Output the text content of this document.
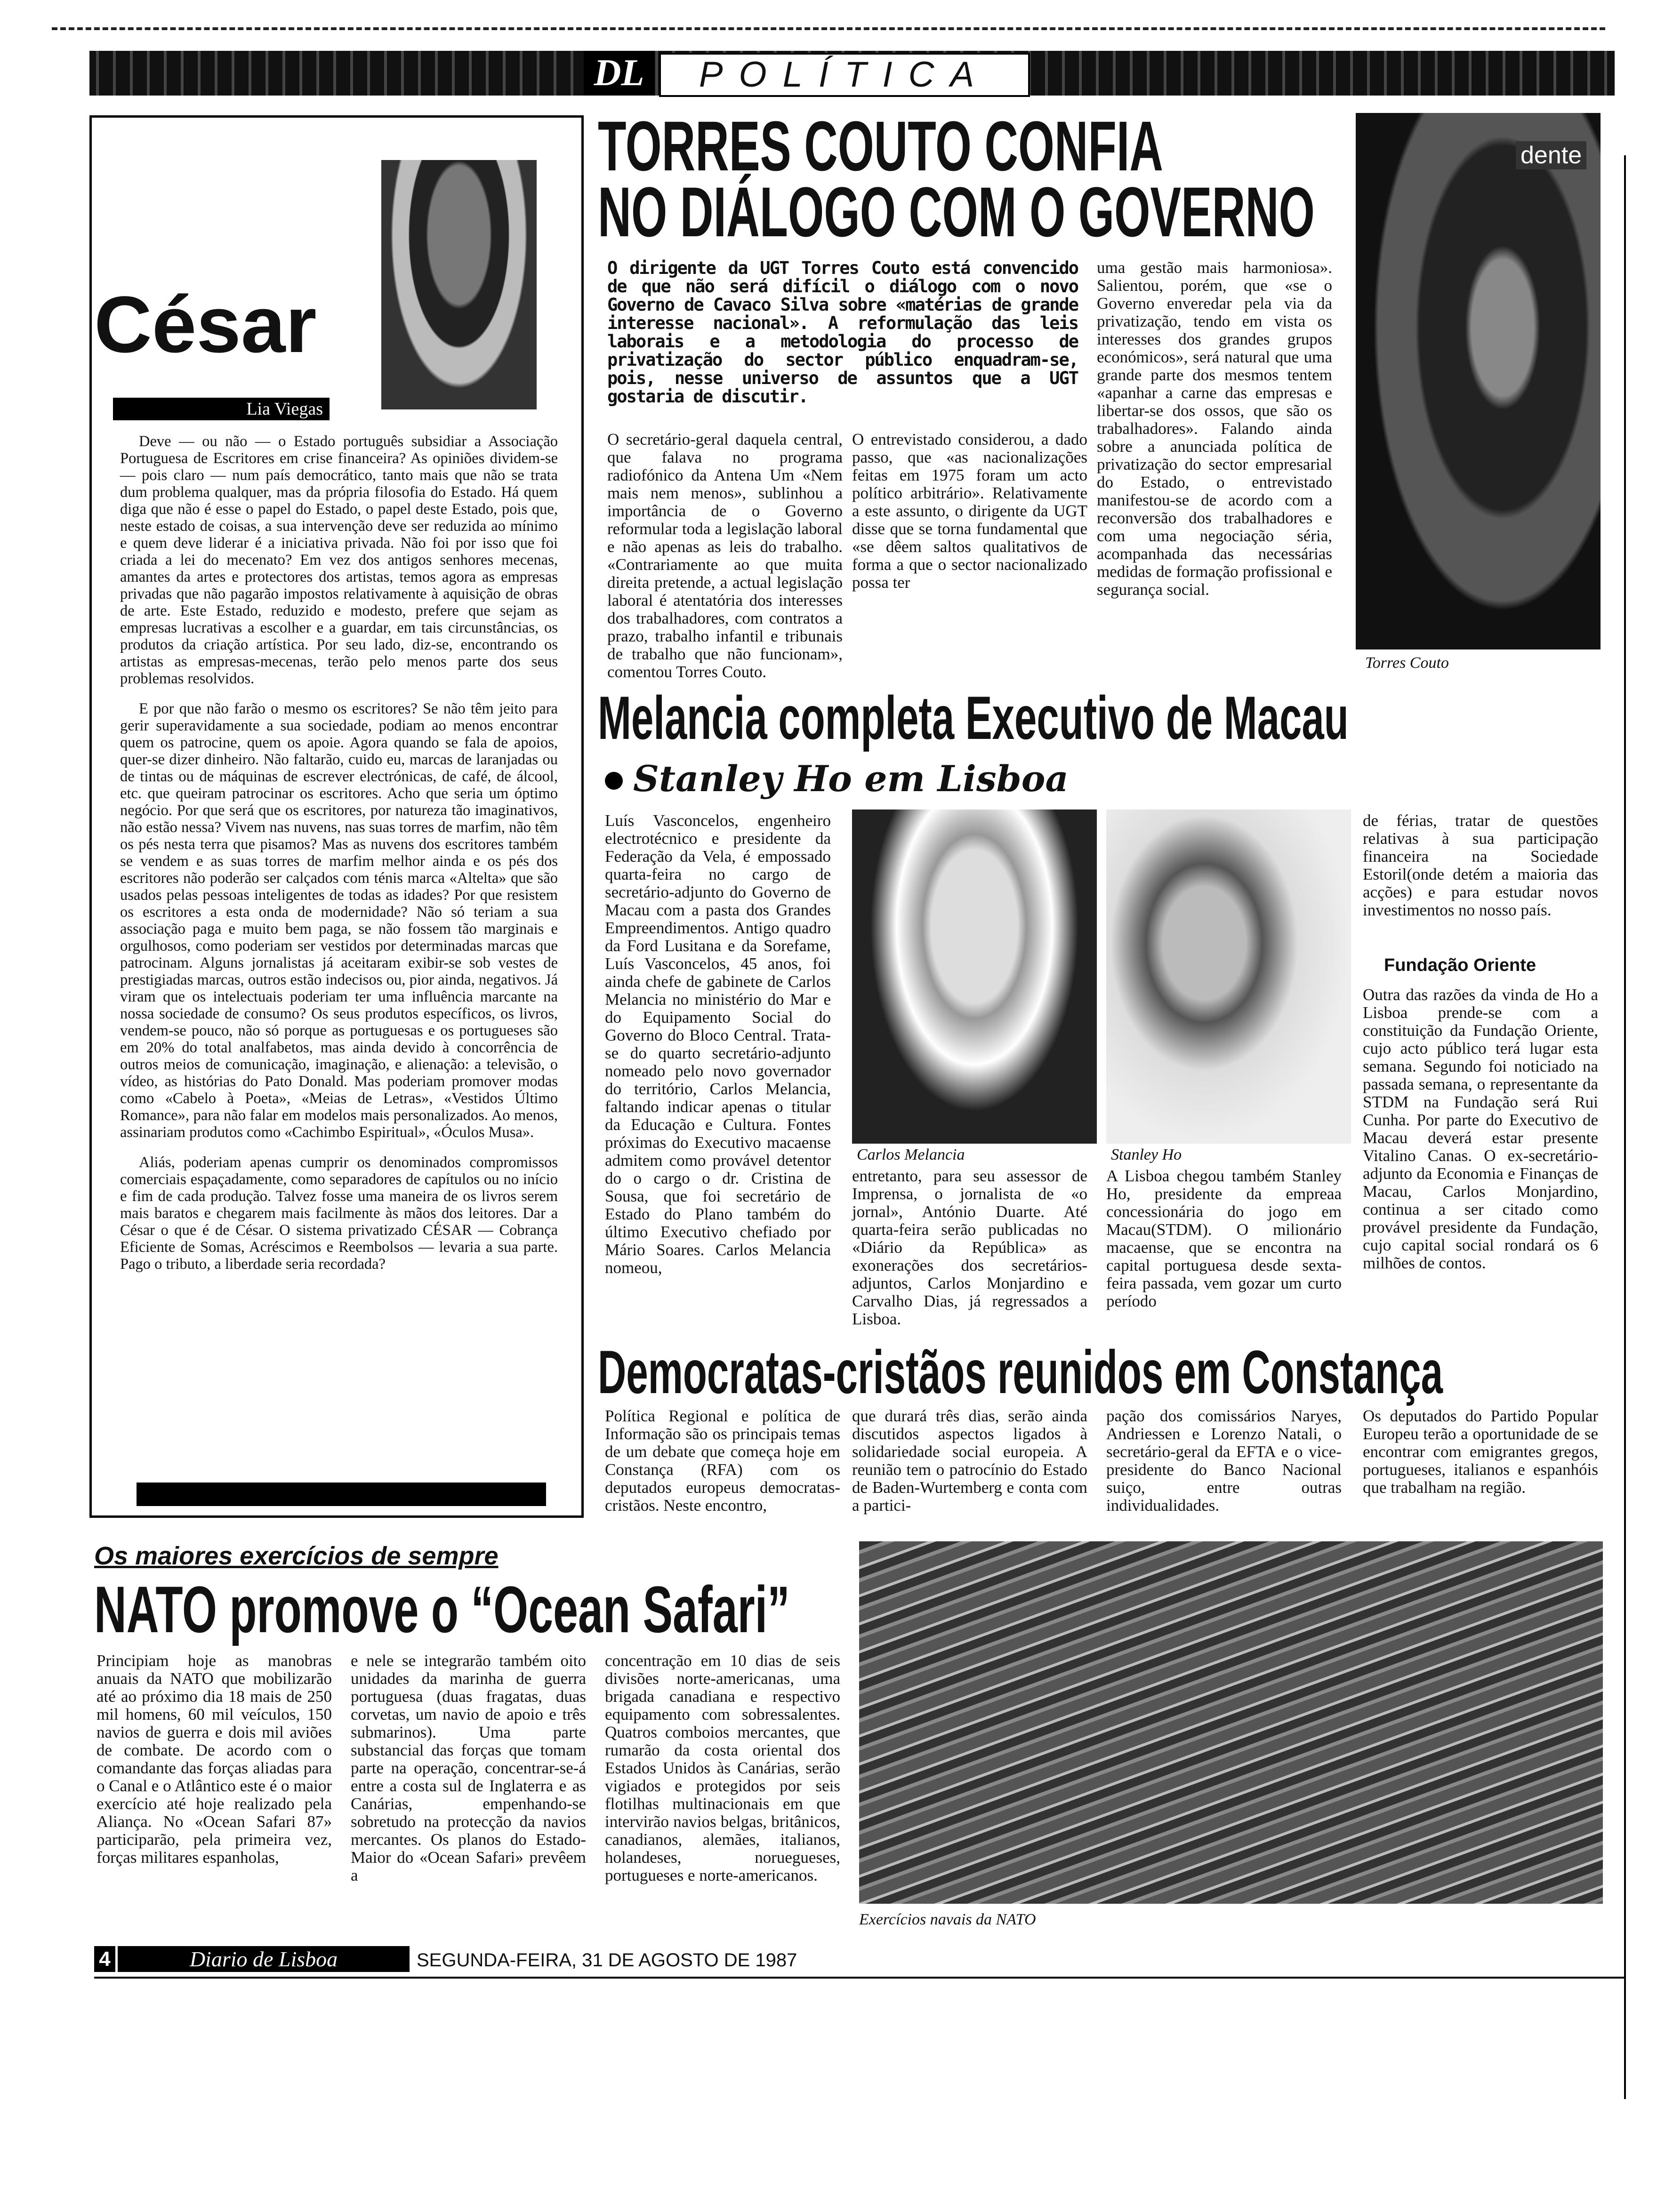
DL	POLÍTICA
César
Lia Viegas

Deve — ou não — o Estado português subsidiar a Associação Portuguesa de Escritores em crise financeira? As opiniões dividem-se — pois claro — num país democrático, tanto mais que não se trata dum problema qualquer, mas da própria filosofia do Estado. Há quem diga que não é esse o papel do Estado, o papel deste Estado, pois que, neste estado de coisas, a sua intervenção deve ser reduzida ao mínimo e quem deve liderar é a iniciativa privada. Não foi por isso que foi criada a lei do mecenato? Em vez dos antigos senhores mecenas, amantes da artes e protectores dos artistas, temos agora as empresas privadas que não pagarão impostos relativamente à aquisição de obras de arte. Este Estado, reduzido e modesto, prefere que sejam as empresas lucrativas a escolher e a guardar, em tais circunstâncias, os produtos da criação artística. Por seu lado, diz-se, encontrando os artistas as empresas-mecenas, terão pelo menos parte dos seus problemas resolvidos.

E por que não farão o mesmo os escritores? Se não têm jeito para gerir superavidamente a sua sociedade, podiam ao menos encontrar quem os patrocine, quem os apoie. Agora quando se fala de apoios, quer-se dizer dinheiro. Não faltarão, cuido eu, marcas de laranjadas ou de tintas ou de máquinas de escrever electrónicas, de café, de álcool, etc. que queiram patrocinar os escritores. Acho que seria um óptimo negócio. Por que será que os escritores, por natureza tão imaginativos, não estão nessa? Vivem nas nuvens, nas suas torres de marfim, não têm os pés nesta terra que pisamos? Mas as nuvens dos escritores também se vendem e as suas torres de marfim melhor ainda e os pés dos escritores não poderão ser calçados com ténis marca «Altelta» que são usados pelas pessoas inteligentes de todas as idades? Por que resistem os escritores a esta onda de modernidade? Não só teriam a sua associação paga e muito bem paga, se não fossem tão marginais e orgulhosos, como poderiam ser vestidos por determinadas marcas que patrocinam. Alguns jornalistas já aceitaram exibir-se sob vestes de prestigiadas marcas, outros estão indecisos ou, pior ainda, negativos. Já viram que os intelectuais poderiam ter uma influência marcante na nossa sociedade de consumo? Os seus produtos específicos, os livros, vendem-se pouco, não só porque as portuguesas e os portugueses são em 20% do total analfabetos, mas ainda devido à concorrência de outros meios de comunicação, imaginação, e alienação: a televisão, o vídeo, as histórias do Pato Donald. Mas poderiam promover modas como «Cabelo à Poeta», «Meias de Letras», «Vestidos Último Romance», para não falar em modelos mais personalizados. Ao menos, assinariam produtos como «Cachimbo Espiritual», «Óculos Musa».

Aliás, poderiam apenas cumprir os denominados compromissos comerciais espaçadamente, como separadores de capítulos ou no início e fim de cada produção. Talvez fosse uma maneira de os livros serem mais baratos e chegarem mais facilmente às mãos dos leitores. Dar a César o que é de César. O sistema privatizado CÉSAR — Cobrança Eficiente de Somas, Acréscimos e Reembolsos — levaria a sua parte. Pago o tributo, a liberdade seria recordada?

TORRES COUTO CONFIA
NO DIÁLOGO COM O GOVERNO
O dirigente da UGT Torres Couto está convencido de que não será difícil o diálogo com o novo Governo de Cavaco Silva sobre «matérias de grande interesse nacional». A reformulação das leis laborais e a metodologia do processo de privatização do sector público enquadram-se, pois, nesse universo de assuntos que a UGT gostaria de discutir.
O secretário-geral daquela central, que falava no programa radiofónico da Antena Um «Nem mais nem menos», sublinhou a importância de o Governo reformular toda a legislação laboral e não apenas as leis do trabalho. «Contrariamente ao que muita direita pretende, a actual legislação laboral é atentatória dos interesses dos trabalhadores, com contratos a prazo, trabalho infantil e tribunais de trabalho que não funcionam», comentou Torres Couto.
O entrevistado considerou, a dado passo, que «as nacionalizações feitas em 1975 foram um acto político arbitrário». Relativamente a este assunto, o dirigente da UGT disse que se torna fundamental que «se dêem saltos qualitativos de forma a que o sector nacionalizado possa ter
uma gestão mais harmoniosa». Salientou, porém, que «se o Governo enveredar pela via da privatização, tendo em vista os interesses dos grandes grupos económicos», será natural que uma grande parte dos mesmos tentem «apanhar a carne das empresas e libertar-se dos ossos, que são os trabalhadores». Falando ainda sobre a anunciada política de privatização do sector empresarial do Estado, o entrevistado manifestou-se de acordo com a reconversão dos trabalhadores e com uma negociação séria, acompanhada das necessárias medidas de formação profissional e segurança social.
dente
Torres Couto
Melancia completa Executivo de Macau
Stanley Ho em Lisboa
Luís Vasconcelos, engenheiro electrotécnico e presidente da Federação da Vela, é empossado quarta-feira no cargo de secretário-adjunto do Governo de Macau com a pasta dos Grandes Empreendimentos. Antigo quadro da Ford Lusitana e da Sorefame, Luís Vasconcelos, 45 anos, foi ainda chefe de gabinete de Carlos Melancia no ministério do Mar e do Equipamento Social do Governo do Bloco Central. Trata-se do quarto secretário-adjunto nomeado pelo novo governador do território, Carlos Melancia, faltando indicar apenas o titular da Educação e Cultura. Fontes próximas do Executivo macaense admitem como provável detentor do o cargo o dr. Cristina de Sousa, que foi secretário de Estado do Plano também do último Executivo chefiado por Mário Soares. Carlos Melancia nomeou,
Carlos Melancia	Stanley Ho
entretanto, para seu assessor de Imprensa, o jornalista de «o jornal», António Duarte. Até quarta-feira serão publicadas no «Diário da República» as exonerações dos secretários-adjuntos, Carlos Monjardino e Carvalho Dias, já regressados a Lisboa.
A Lisboa chegou também Stanley Ho, presidente da empreaa concessionária do jogo em Macau(STDM). O milionário macaense, que se encontra na capital portuguesa desde sexta-feira passada, vem gozar um curto período
de férias, tratar de questões relativas à sua participação financeira na Sociedade Estoril(onde detém a maioria das acções) e para estudar novos investimentos no nosso país.
Fundação Oriente
Outra das razões da vinda de Ho a Lisboa prende-se com a constituição da Fundação Oriente, cujo acto público terá lugar esta semana. Segundo foi noticiado na passada semana, o representante da STDM na Fundação será Rui Cunha. Por parte do Executivo de Macau deverá estar presente Vitalino Canas. O ex-secretário-adjunto da Economia e Finanças de Macau, Carlos Monjardino, continua a ser citado como provável presidente da Fundação, cujo capital social rondará os 6 milhões de contos.
Democratas-cristãos reunidos em Constança
Política Regional e política de Informação são os principais temas de um debate que começa hoje em Constança (RFA) com os deputados europeus democratas-cristãos. Neste encontro,
que durará três dias, serão ainda discutidos aspectos ligados à solidariedade social europeia. A reunião tem o patrocínio do Estado de Baden-Wurtemberg e conta com a partici-
pação dos comissários Naryes, Andriessen e Lorenzo Natali, o secretário-geral da EFTA e o vice-presidente do Banco Nacional suiço, entre outras individualidades.
Os deputados do Partido Popular Europeu terão a oportunidade de se encontrar com emigrantes gregos, portugueses, italianos e espanhóis que trabalham na região.
Os maiores exercícios de sempre
NATO promove o “Ocean Safari”
Principiam hoje as manobras anuais da NATO que mobilizarão até ao próximo dia 18 mais de 250 mil homens, 60 mil veículos, 150 navios de guerra e dois mil aviões de combate. De acordo com o comandante das forças aliadas para o Canal e o Atlântico este é o maior exercício até hoje realizado pela Aliança. No «Ocean Safari 87» participarão, pela primeira vez, forças militares espanholas,
e nele se integrarão também oito unidades da marinha de guerra portuguesa (duas fragatas, duas corvetas, um navio de apoio e três submarinos). Uma parte substancial das forças que tomam parte na operação, concentrar-se-á entre a costa sul de Inglaterra e as Canárias, empenhando-se sobretudo na protecção da navios mercantes. Os planos do Estado-Maior do «Ocean Safari» prevêem a
concentração em 10 dias de seis divisões norte-americanas, uma brigada canadiana e respectivo equipamento com sobressalentes. Quatros comboios mercantes, que rumarão da costa oriental dos Estados Unidos às Canárias, serão vigiados e protegidos por seis flotilhas multinacionais em que intervirão navios belgas, britânicos, canadianos, alemães, italianos, holandeses, noruegueses, portugueses e norte-americanos.
Exercícios navais da NATO
4	Diario de Lisboa	SEGUNDA-FEIRA, 31 DE AGOSTO DE 1987
